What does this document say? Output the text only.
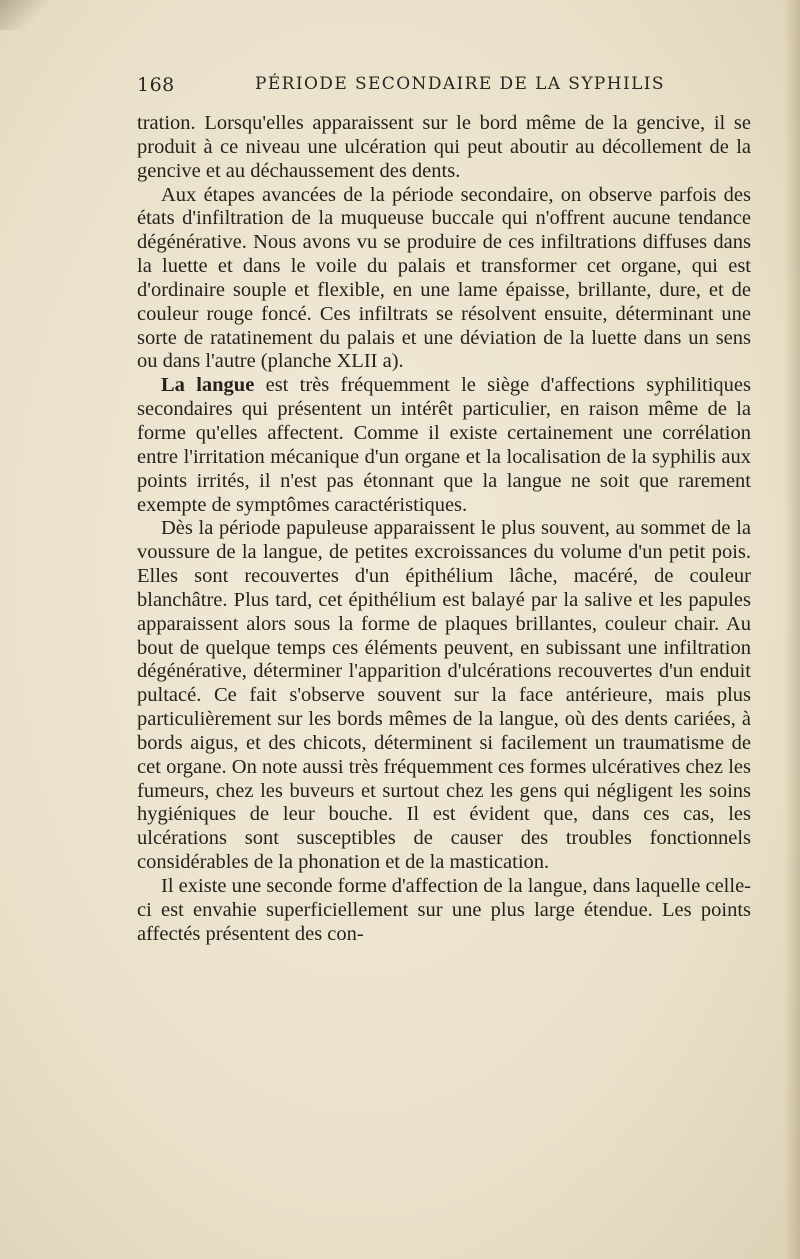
168	PÉRIODE SECONDAIRE DE LA SYPHILIS

tration. Lorsqu'elles apparaissent sur le bord même de la gencive, il se produit à ce niveau une ulcération qui peut aboutir au décollement de la gencive et au déchaussement des dents.

Aux étapes avancées de la période secondaire, on observe parfois des états d'infiltration de la muqueuse buccale qui n'offrent aucune tendance dégénérative. Nous avons vu se produire de ces infiltrations diffuses dans la luette et dans le voile du palais et transformer cet organe, qui est d'ordinaire souple et flexible, en une lame épaisse, brillante, dure, et de couleur rouge foncé. Ces infiltrats se résolvent ensuite, déterminant une sorte de ratatinement du palais et une déviation de la luette dans un sens ou dans l'autre (planche XLII a).

La langue est très fréquemment le siège d'affections syphilitiques secondaires qui présentent un intérêt particulier, en raison même de la forme qu'elles affectent. Comme il existe certainement une corrélation entre l'irritation mécanique d'un organe et la localisation de la syphilis aux points irrités, il n'est pas étonnant que la langue ne soit que rarement exempte de symptômes caractéristiques.

Dès la période papuleuse apparaissent le plus souvent, au sommet de la voussure de la langue, de petites excroissances du volume d'un petit pois. Elles sont recouvertes d'un épithélium lâche, macéré, de couleur blanchâtre. Plus tard, cet épithélium est balayé par la salive et les papules apparaissent alors sous la forme de plaques brillantes, couleur chair. Au bout de quelque temps ces éléments peuvent, en subissant une infiltration dégénérative, déterminer l'apparition d'ulcérations recouvertes d'un enduit pultacé. Ce fait s'observe souvent sur la face antérieure, mais plus particulièrement sur les bords mêmes de la langue, où des dents cariées, à bords aigus, et des chicots, déterminent si facilement un traumatisme de cet organe. On note aussi très fréquemment ces formes ulcératives chez les fumeurs, chez les buveurs et surtout chez les gens qui négligent les soins hygiéniques de leur bouche. Il est évident que, dans ces cas, les ulcérations sont susceptibles de causer des troubles fonctionnels considérables de la phonation et de la mastication.

Il existe une seconde forme d'affection de la langue, dans laquelle celle-ci est envahie superficiellement sur une plus large étendue. Les points affectés présentent des con-
